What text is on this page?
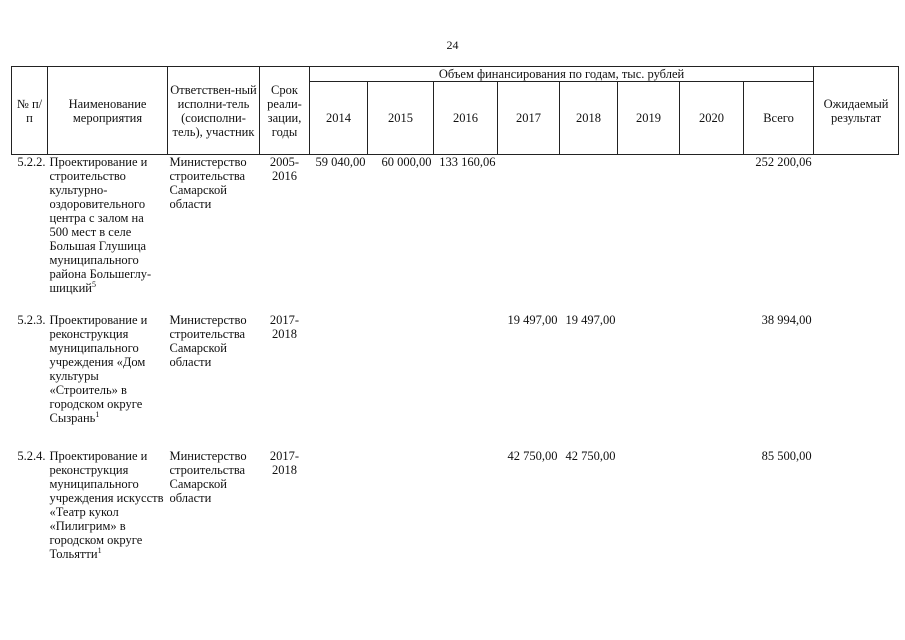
24
№ п/п	Наименование мероприятия	Ответствен-ный исполни-тель (соисполни-тель), участник	Срок реали-зации, годы	Объем финансирования по годам, тыс. рублей								Ожидаемый результат
				2014	2015	2016	2017	2018	2019	2020	Всего	
5.2.2.	Проектирование и строительство культурно-оздоровительного центра с залом на 500 мест в селе Большая Глушица муниципального района Большеглу-шицкий$^5$	Министерство строительства Самарской области	2005-2016	59 040,00	60 000,00	133 160,06					252 200,06	
5.2.3.	Проектирование и реконструкция муниципального учреждения «Дом культуры «Строитель» в городском округе Сызрань$^1$	Министерство строительства Самарской области	2017-2018				19 497,00	19 497,00			38 994,00	
5.2.4.	Проектирование и реконструкция муниципального учреждения искусств «Театр кукол «Пилигрим» в городском округе Тольятти$^1$	Министерство строительства Самарской области	2017-2018				42 750,00	42 750,00			85 500,00	
